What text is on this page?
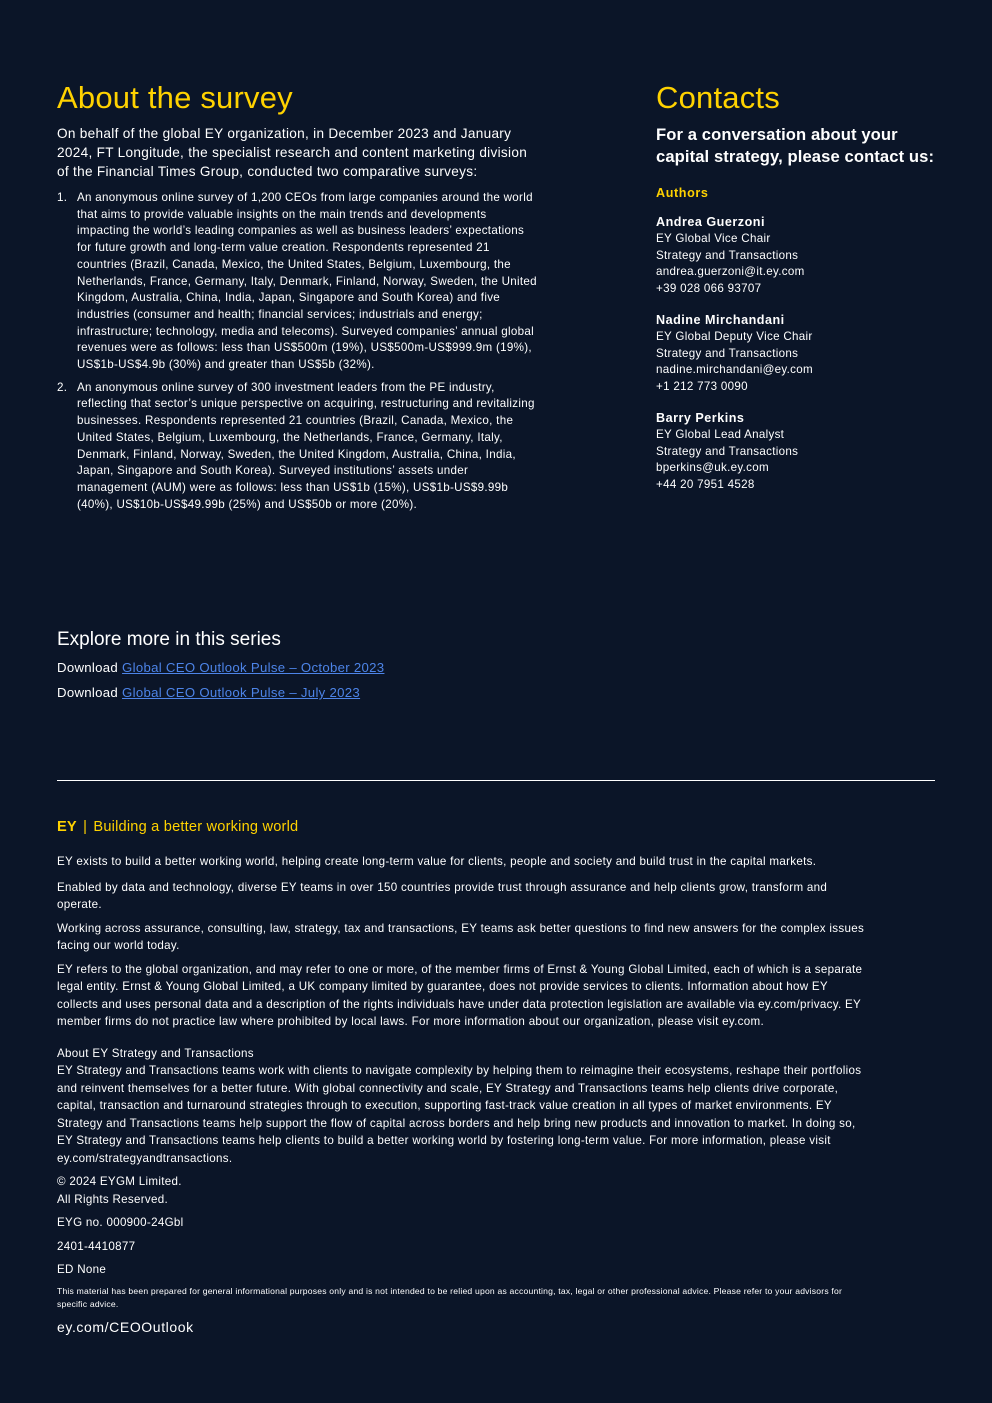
About the survey

On behalf of the global EY organization, in December 2023 and January 2024, FT Longitude, the specialist research and content marketing division of the Financial Times Group, conducted two comparative surveys:

1. An anonymous online survey of 1,200 CEOs from large companies around the world that aims to provide valuable insights on the main trends and developments impacting the world’s leading companies as well as business leaders’ expectations for future growth and long-term value creation. Respondents represented 21 countries (Brazil, Canada, Mexico, the United States, Belgium, Luxembourg, the Netherlands, France, Germany, Italy, Denmark, Finland, Norway, Sweden, the United Kingdom, Australia, China, India, Japan, Singapore and South Korea) and five industries (consumer and health; financial services; industrials and energy; infrastructure; technology, media and telecoms). Surveyed companies’ annual global revenues were as follows: less than US$500m (19%), US$500m-US$999.9m (19%), US$1b-US$4.9b (30%) and greater than US$5b (32%).
2. An anonymous online survey of 300 investment leaders from the PE industry, reflecting that sector’s unique perspective on acquiring, restructuring and revitalizing businesses. Respondents represented 21 countries (Brazil, Canada, Mexico, the United States, Belgium, Luxembourg, the Netherlands, France, Germany, Italy, Denmark, Finland, Norway, Sweden, the United Kingdom, Australia, China, India, Japan, Singapore and South Korea). Surveyed institutions’ assets under management (AUM) were as follows: less than US$1b (15%), US$1b-US$9.99b (40%), US$10b-US$49.99b (25%) and US$50b or more (20%).
Contacts

For a conversation about your capital strategy, please contact us:

Authors

Andrea Guerzoni
EY Global Vice Chair
Strategy and Transactions
andrea.guerzoni@it.ey.com
+39 028 066 93707
Nadine Mirchandani
EY Global Deputy Vice Chair
Strategy and Transactions
nadine.mirchandani@ey.com
+1 212 773 0090
Barry Perkins
EY Global Lead Analyst
Strategy and Transactions
bperkins@uk.ey.com
+44 20 7951 4528
Explore more in this series
Download Global CEO Outlook Pulse – October 2023
Download Global CEO Outlook Pulse – July 2023
EY | Building a better working world

EY exists to build a better working world, helping create long-term value for clients, people and society and build trust in the capital markets.

Enabled by data and technology, diverse EY teams in over 150 countries provide trust through assurance and help clients grow, transform and operate.

Working across assurance, consulting, law, strategy, tax and transactions, EY teams ask better questions to find new answers for the complex issues facing our world today.

EY refers to the global organization, and may refer to one or more, of the member firms of Ernst & Young Global Limited, each of which is a separate legal entity. Ernst & Young Global Limited, a UK company limited by guarantee, does not provide services to clients. Information about how EY collects and uses personal data and a description of the rights individuals have under data protection legislation are available via ey.com/privacy. EY member firms do not practice law where prohibited by local laws. For more information about our organization, please visit ey.com.

About EY Strategy and Transactions

EY Strategy and Transactions teams work with clients to navigate complexity by helping them to reimagine their ecosystems, reshape their portfolios and reinvent themselves for a better future. With global connectivity and scale, EY Strategy and Transactions teams help clients drive corporate, capital, transaction and turnaround strategies through to execution, supporting fast-track value creation in all types of market environments. EY Strategy and Transactions teams help support the flow of capital across borders and help bring new products and innovation to market. In doing so, EY Strategy and Transactions teams help clients to build a better working world by fostering long-term value. For more information, please visit ey.com/strategyandtransactions.

© 2024 EYGM Limited.

All Rights Reserved.

EYG no. 000900-24Gbl

2401-4410877

ED None

This material has been prepared for general informational purposes only and is not intended to be relied upon as accounting, tax, legal or other professional advice. Please refer to your advisors for specific advice.

ey.com/CEOOutlook
